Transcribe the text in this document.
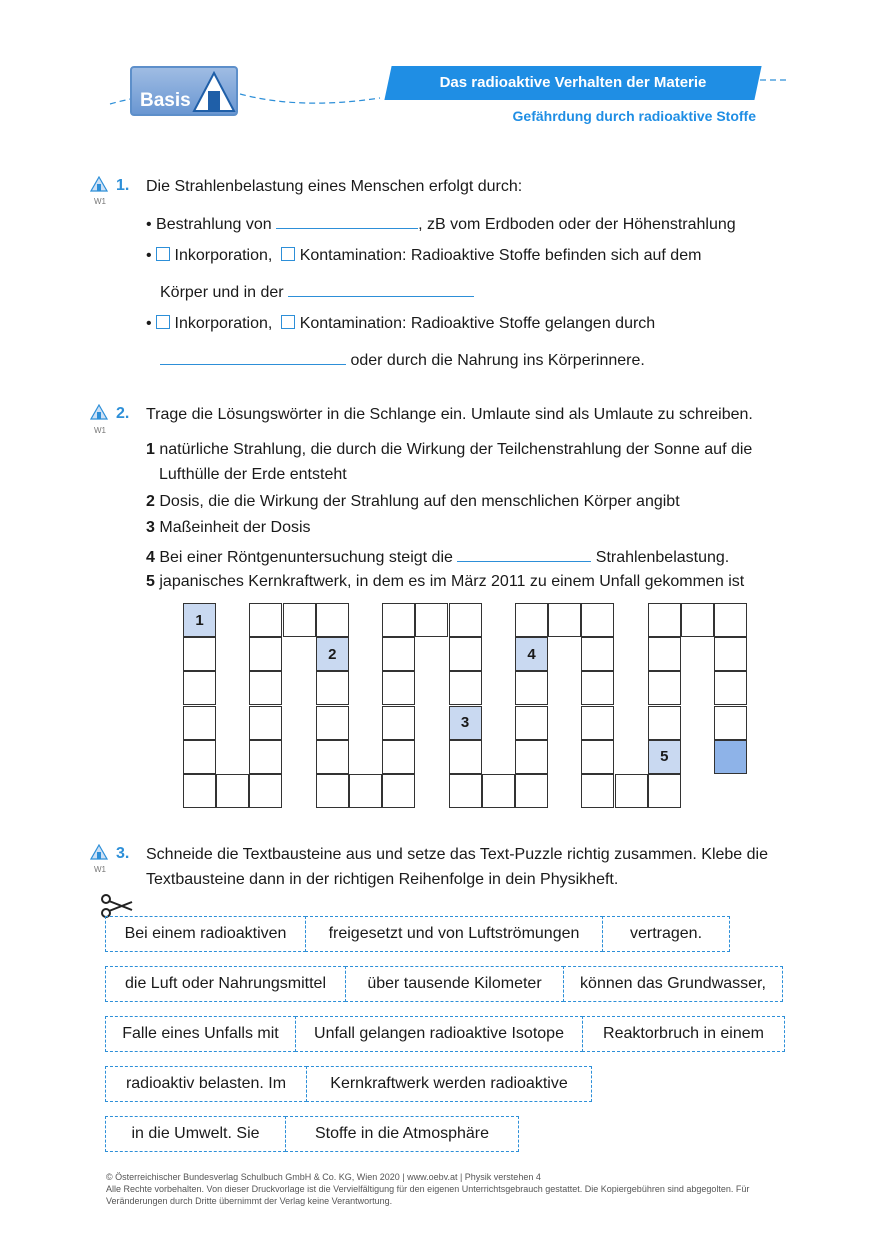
Basis
Das radioaktive Verhalten der Materie
Gefährdung durch radioaktive Stoffe
W1
1. Die Strahlenbelastung eines Menschen erfolgt durch:
• Bestrahlung von	, zB vom Erdboden oder der Höhenstrahlung
•  Inkorporation, Kontamination: Radioaktive Stoffe befinden sich auf dem
Körper und in der
•  Inkorporation, Kontamination: Radioaktive Stoffe gelangen durch
oder durch die Nahrung ins Körperinnere.
W1
2. Trage die Lösungswörter in die Schlange ein. Umlaute sind als Umlaute zu schreiben.
1 natürliche Strahlung, die durch die Wirkung der Teilchenstrahlung der Sonne auf die
Lufthülle der Erde entsteht
2 Dosis, die die Wirkung der Strahlung auf den menschlichen Körper angibt
3 Maßeinheit der Dosis
4 Bei einer Röntgenuntersuchung steigt die	Strahlenbelastung.
5 japanisches Kernkraftwerk, in dem es im März 2011 zu einem Unfall gekommen ist
1
2
3
4
5
W1
3. Schneide die Textbausteine aus und setze das Text-Puzzle richtig zusammen. Klebe die
Textbausteine dann in der richtigen Reihenfolge in dein Physikheft.
Bei einem radioaktiven	freigesetzt und von Luftströmungen	vertragen.
die Luft oder Nahrungsmittel	über tausende Kilometer	können das Grundwasser,
Falle eines Unfalls mit	Unfall gelangen radioaktive Isotope	Reaktorbruch in einem
radioaktiv belasten. Im	Kernkraftwerk werden radioaktive
in die Umwelt. Sie	Stoffe in die Atmosphäre
© Österreichischer Bundesverlag Schulbuch GmbH & Co. KG, Wien 2020 | www.oebv.at | Physik verstehen 4
Alle Rechte vorbehalten. Von dieser Druckvorlage ist die Vervielfältigung für den eigenen Unterrichtsgebrauch gestattet. Die Kopiergebühren sind abgegolten. Für
Veränderungen durch Dritte übernimmt der Verlag keine Verantwortung.
